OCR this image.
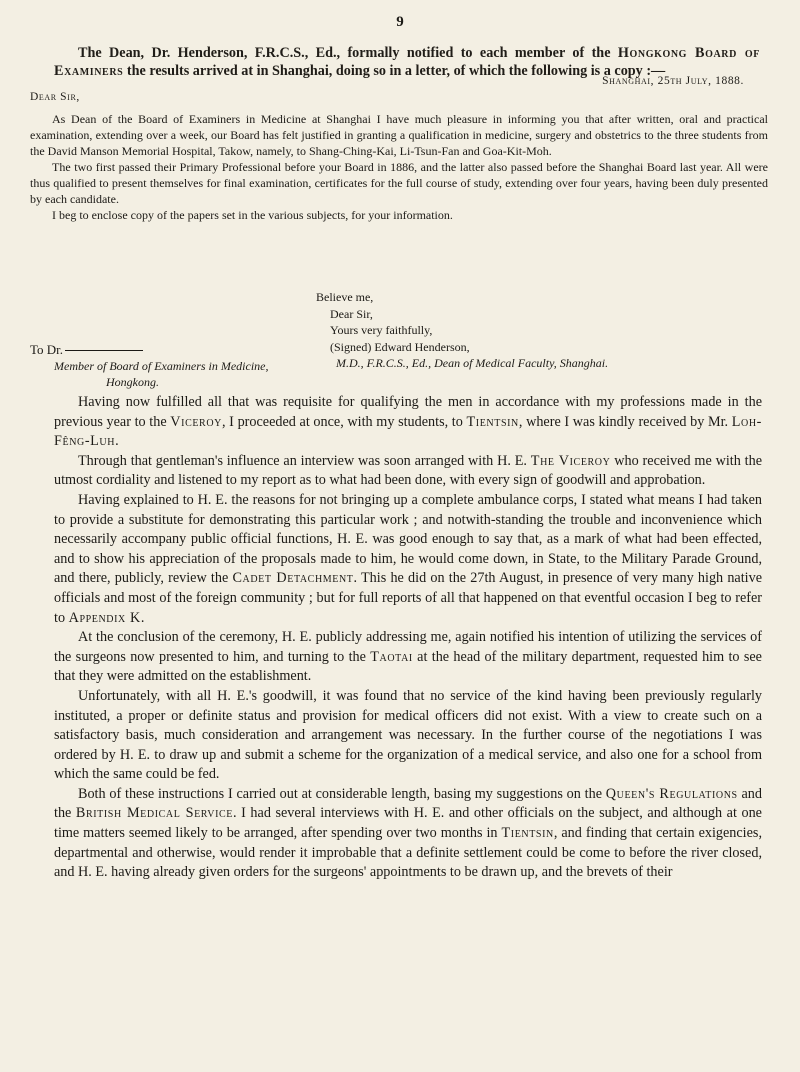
9
The Dean, Dr. Henderson, F.R.C.S., Ed., formally notified to each member of the Hongkong Board of Examiners the results arrived at in Shanghai, doing so in a letter, of which the following is a copy :—
Shanghai, 25th July, 1888.
Dear Sir,

As Dean of the Board of Examiners in Medicine at Shanghai I have much pleasure in informing you that after written, oral and practical examination, extending over a week, our Board has felt justified in granting a qualification in medicine, surgery and obstetrics to the three students from the David Manson Memorial Hospital, Takow, namely, to Shang-Ching-Kai, Li-Tsun-Fan and Goa-Kit-Moh.

The two first passed their Primary Professional before your Board in 1886, and the latter also passed before the Shanghai Board last year. All were thus qualified to present themselves for final examination, certificates for the full course of study, extending over four years, having been duly presented by each candidate.

I beg to enclose copy of the papers set in the various subjects, for your information.

Believe me,
Dear Sir,
Yours very faithfully,
(Signed) Edward Henderson,
M.D., F.R.C.S., Ed., Dean of Medical Faculty, Shanghai.
To Dr.
Member of Board of Examiners in Medicine,
Hongkong.

Having now fulfilled all that was requisite for qualifying the men in accordance with my professions made in the previous year to the Viceroy, I proceeded at once, with my students, to Tientsin, where I was kindly received by Mr. Loh-Fêng-Luh.

Through that gentleman's influence an interview was soon arranged with H. E. The Viceroy who received me with the utmost cordiality and listened to my report as to what had been done, with every sign of goodwill and approbation.

Having explained to H. E. the reasons for not bringing up a complete ambulance corps, I stated what means I had taken to provide a substitute for demonstrating this particular work ; and notwith-standing the trouble and inconvenience which necessarily accompany public official functions, H. E. was good enough to say that, as a mark of what had been effected, and to show his appreciation of the proposals made to him, he would come down, in State, to the Military Parade Ground, and there, publicly, review the Cadet Detachment. This he did on the 27th August, in presence of very many high native officials and most of the foreign community ; but for full reports of all that happened on that eventful occasion I beg to refer to Appendix K.

At the conclusion of the ceremony, H. E. publicly addressing me, again notified his intention of utilizing the services of the surgeons now presented to him, and turning to the Taotai at the head of the military department, requested him to see that they were admitted on the establishment.

Unfortunately, with all H. E.'s goodwill, it was found that no service of the kind having been previously regularly instituted, a proper or definite status and provision for medical officers did not exist. With a view to create such on a satisfactory basis, much consideration and arrangement was necessary. In the further course of the negotiations I was ordered by H. E. to draw up and submit a scheme for the organization of a medical service, and also one for a school from which the same could be fed.

Both of these instructions I carried out at considerable length, basing my suggestions on the Queen's Regulations and the British Medical Service. I had several interviews with H. E. and other officials on the subject, and although at one time matters seemed likely to be arranged, after spending over two months in Tientsin, and finding that certain exigencies, departmental and otherwise, would render it improbable that a definite settlement could be come to before the river closed, and H. E. having already given orders for the surgeons' appointments to be drawn up, and the brevets of their
